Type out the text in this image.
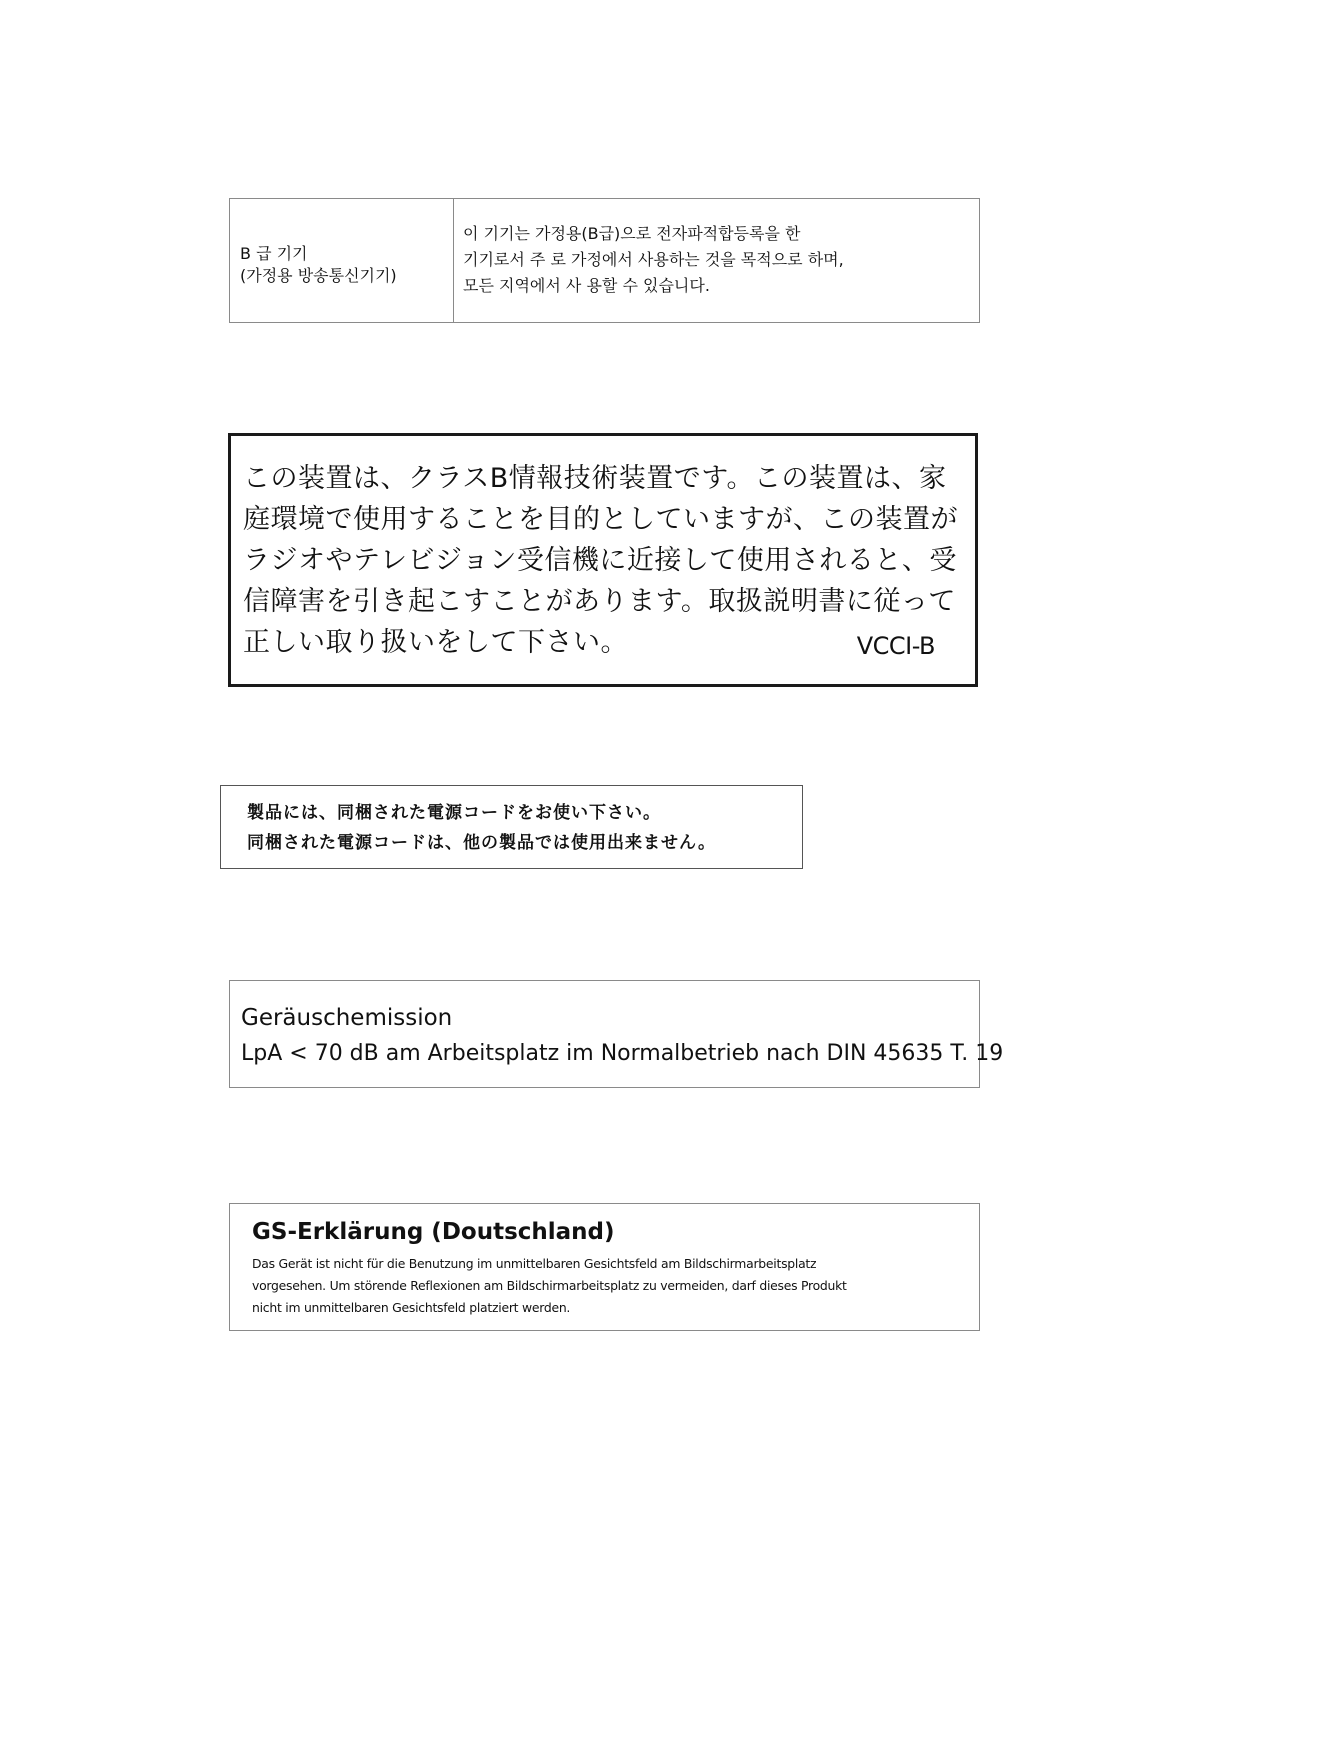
B 급 기기
(가정용 방송통신기기)
이 기기는 가정용(B급)으로 전자파적합등록을 한
기기로서 주 로 가정에서 사용하는 것을 목적으로 하며,
모든 지역에서 사 용할 수 있습니다.
この装置は、クラスB情報技術装置です。この装置は、家
庭環境で使用することを目的としていますが、この装置が
ラジオやテレビジョン受信機に近接して使用されると、受
信障害を引き起こすことがあります。取扱説明書に従って
正しい取り扱いをして下さい。	VCCI-B
製品には、同梱された電源コードをお使い下さい。
同梱された電源コードは、他の製品では使用出来ません。
Geräuschemission
LpA < 70 dB am Arbeitsplatz im Normalbetrieb nach DIN 45635 T. 19
GS-Erklärung (Doutschland)
Das Gerät ist nicht für die Benutzung im unmittelbaren Gesichtsfeld am Bildschirmarbeitsplatz
vorgesehen. Um störende Reflexionen am Bildschirmarbeitsplatz zu vermeiden, darf dieses Produkt
nicht im unmittelbaren Gesichtsfeld platziert werden.
